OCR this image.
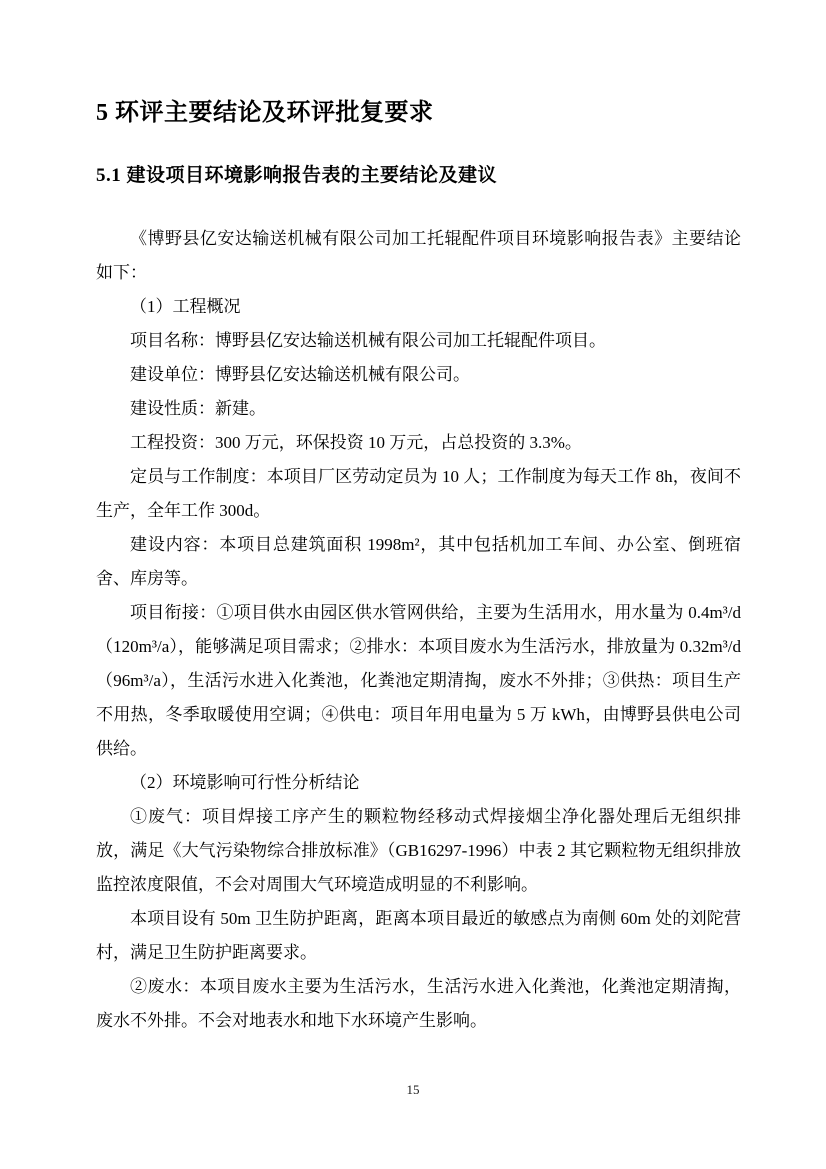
5 环评主要结论及环评批复要求
5.1 建设项目环境影响报告表的主要结论及建议

《博野县亿安达输送机械有限公司加工托辊配件项目环境影响报告表》主要结论如下：

（1）工程概况

项目名称：博野县亿安达输送机械有限公司加工托辊配件项目。

建设单位：博野县亿安达输送机械有限公司。

建设性质：新建。

工程投资：300 万元，环保投资 10 万元，占总投资的 3.3%。

定员与工作制度：本项目厂区劳动定员为 10 人；工作制度为每天工作 8h，夜间不生产，全年工作 300d。

建设内容：本项目总建筑面积 1998m²，其中包括机加工车间、办公室、倒班宿舍、库房等。

项目衔接：①项目供水由园区供水管网供给，主要为生活用水，用水量为 0.4m³/d（120m³/a），能够满足项目需求；②排水：本项目废水为生活污水，排放量为 0.32m³/d（96m³/a），生活污水进入化粪池，化粪池定期清掏，废水不外排；③供热：项目生产不用热，冬季取暖使用空调；④供电：项目年用电量为 5 万 kWh，由博野县供电公司供给。

（2）环境影响可行性分析结论

①废气：项目焊接工序产生的颗粒物经移动式焊接烟尘净化器处理后无组织排放，满足《大气污染物综合排放标准》（GB16297-1996）中表 2 其它颗粒物无组织排放监控浓度限值，不会对周围大气环境造成明显的不利影响。

本项目设有 50m 卫生防护距离，距离本项目最近的敏感点为南侧 60m 处的刘陀营村，满足卫生防护距离要求。

②废水：本项目废水主要为生活污水，生活污水进入化粪池，化粪池定期清掏，废水不外排。不会对地表水和地下水环境产生影响。

15
